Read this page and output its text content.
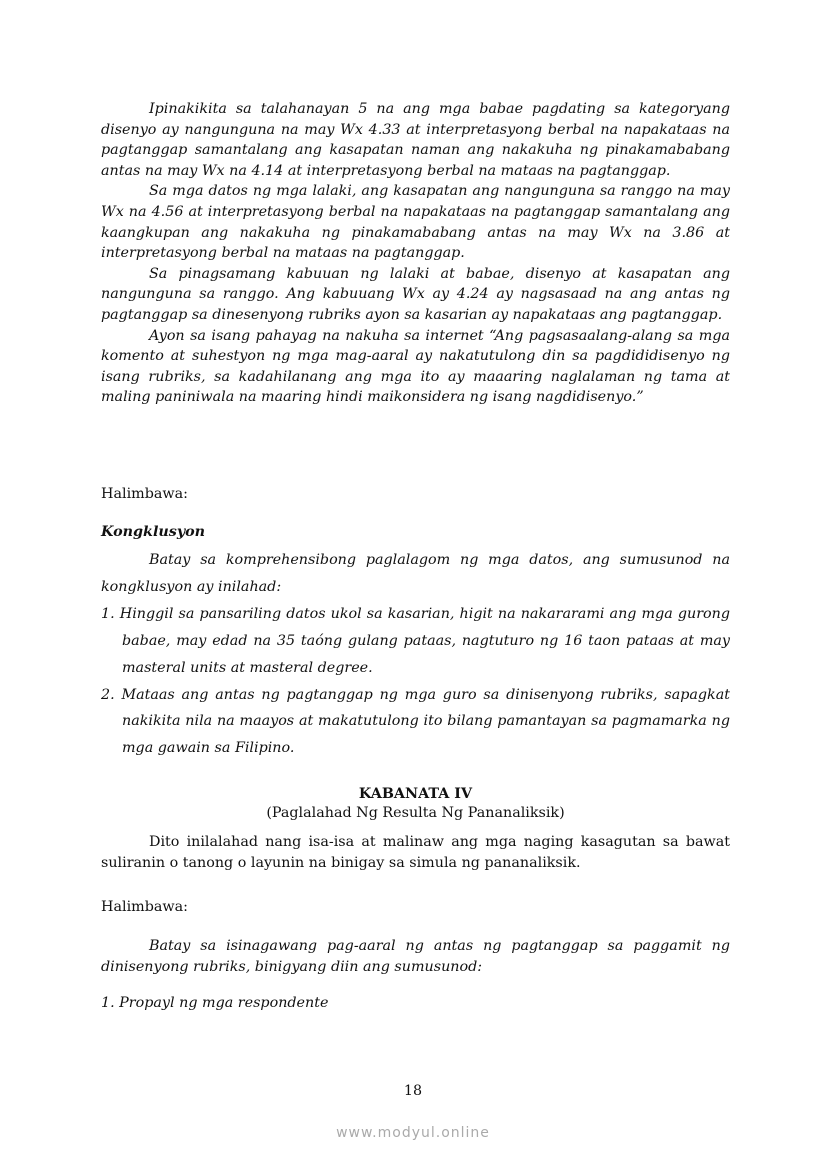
Ipinakikita sa talahanayan 5 na ang mga babae pagdating sa kategoryang disenyo ay nangunguna na may Wx 4.33 at interpretasyong berbal na napakataas na pagtanggap samantalang ang kasapatan naman ang nakakuha ng pinakamababang antas na may Wx na 4.14 at interpretasyong berbal na mataas na pagtanggap.

Sa mga datos ng mga lalaki, ang kasapatan ang nangunguna sa ranggo na may Wx na 4.56 at interpretasyong berbal na napakataas na pagtanggap samantalang ang kaangkupan ang nakakuha ng pinakamababang antas na may Wx na 3.86 at interpretasyong berbal na mataas na pagtanggap.

Sa pinagsamang kabuuan ng lalaki at babae, disenyo at kasapatan ang nangunguna sa ranggo. Ang kabuuang Wx ay 4.24 ay nagsasaad na ang antas ng pagtanggap sa dinesenyong rubriks ayon sa kasarian ay napakataas ang pagtanggap.

Ayon sa isang pahayag na nakuha sa internet “Ang pagsasaalang-alang sa mga komento at suhestyon ng mga mag-aaral ay nakatutulong din sa pagdididisenyo ng isang rubriks, sa kadahilanang ang mga ito ay maaaring naglalaman ng tama at maling paniniwala na maaring hindi maikonsidera ng isang nagdidisenyo.”

Halimbawa:
Kongklusyon

Batay sa komprehensibong paglalagom ng mga datos, ang sumusunod na kongklusyon ay inilahad:

1. Hinggil sa pansariling datos ukol sa kasarian, higit na nakararami ang mga gurong babae, may edad na 35 taóng gulang pataas, nagtuturo ng 16 taon pataas at may masteral units at masteral degree.

2. Mataas ang antas ng pagtanggap ng mga guro sa dinisenyong rubriks, sapagkat nakikita nila na maayos at makatutulong ito bilang pamantayan sa pagmamarka ng mga gawain sa Filipino.

KABANATA IV
(Paglalahad Ng Resulta Ng Pananaliksik)

Dito inilalahad nang isa-isa at malinaw ang mga naging kasagutan sa bawat suliranin o tanong o layunin na binigay sa simula ng pananaliksik.

Halimbawa:

Batay sa isinagawang pag-aaral ng antas ng pagtanggap sa paggamit ng dinisenyong rubriks, binigyang diin ang sumusunod:

1. Propayl ng mga respondente
18
www.modyul.online
